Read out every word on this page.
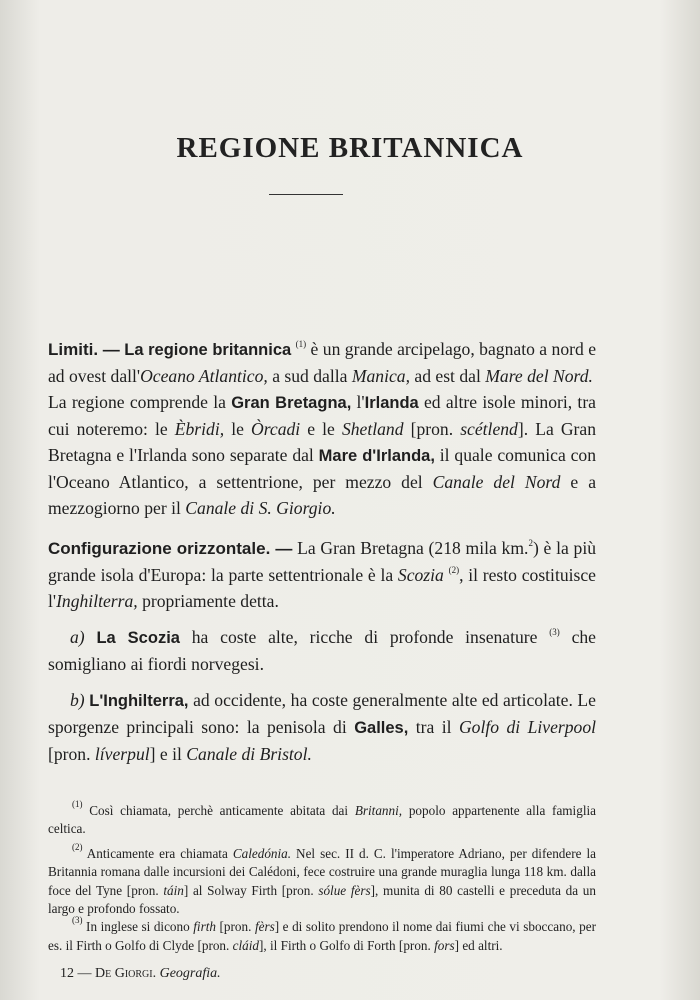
REGIONE BRITANNICA

Limiti. — La regione britannica $^{(1)}$ è un grande arcipelago, bagnato a nord e ad ovest dall'Oceano Atlantico, a sud dalla Manica, ad est dal Mare del Nord.

La regione comprende la Gran Bretagna, l'Irlanda ed altre isole minori, tra cui noteremo: le Èbridi, le Òrcadi e le Shetland [pron. scétlend]. La Gran Bretagna e l'Irlanda sono separate dal Mare d'Irlanda, il quale comunica con l'Oceano Atlantico, a settentrione, per mezzo del Canale del Nord e a mezzogiorno per il Canale di S. Giorgio.

Configurazione orizzontale. — La Gran Bretagna (218 mila km.$^2$) è la più grande isola d'Europa: la parte settentrionale è la Scozia $^{(2)}$, il resto costituisce l'Inghilterra, propriamente detta.

a) La Scozia ha coste alte, ricche di profonde insenature $^{(3)}$ che somigliano ai fiordi norvegesi.

b) L'Inghilterra, ad occidente, ha coste generalmente alte ed articolate. Le sporgenze principali sono: la penisola di Galles, tra il Golfo di Liverpool [pron. líverpul] e il Canale di Bristol.

$^{(1)}$ Così chiamata, perchè anticamente abitata dai Britanni, popolo appartenente alla famiglia celtica.

$^{(2)}$ Anticamente era chiamata Caledónia. Nel sec. II d. C. l'imperatore Adriano, per difendere la Britannia romana dalle incursioni dei Calédoni, fece costruire una grande muraglia lunga 118 km. dalla foce del Tyne [pron. táin] al Solway Firth [pron. sólue fèrs], munita di 80 castelli e preceduta da un largo e profondo fossato.

$^{(3)}$ In inglese si dicono firth [pron. fèrs] e di solito prendono il nome dai fiumi che vi sboccano, per es. il Firth o Golfo di Clyde [pron. cláid], il Firth o Golfo di Forth [pron. fors] ed altri.

12 — De Giorgi. Geografia.
